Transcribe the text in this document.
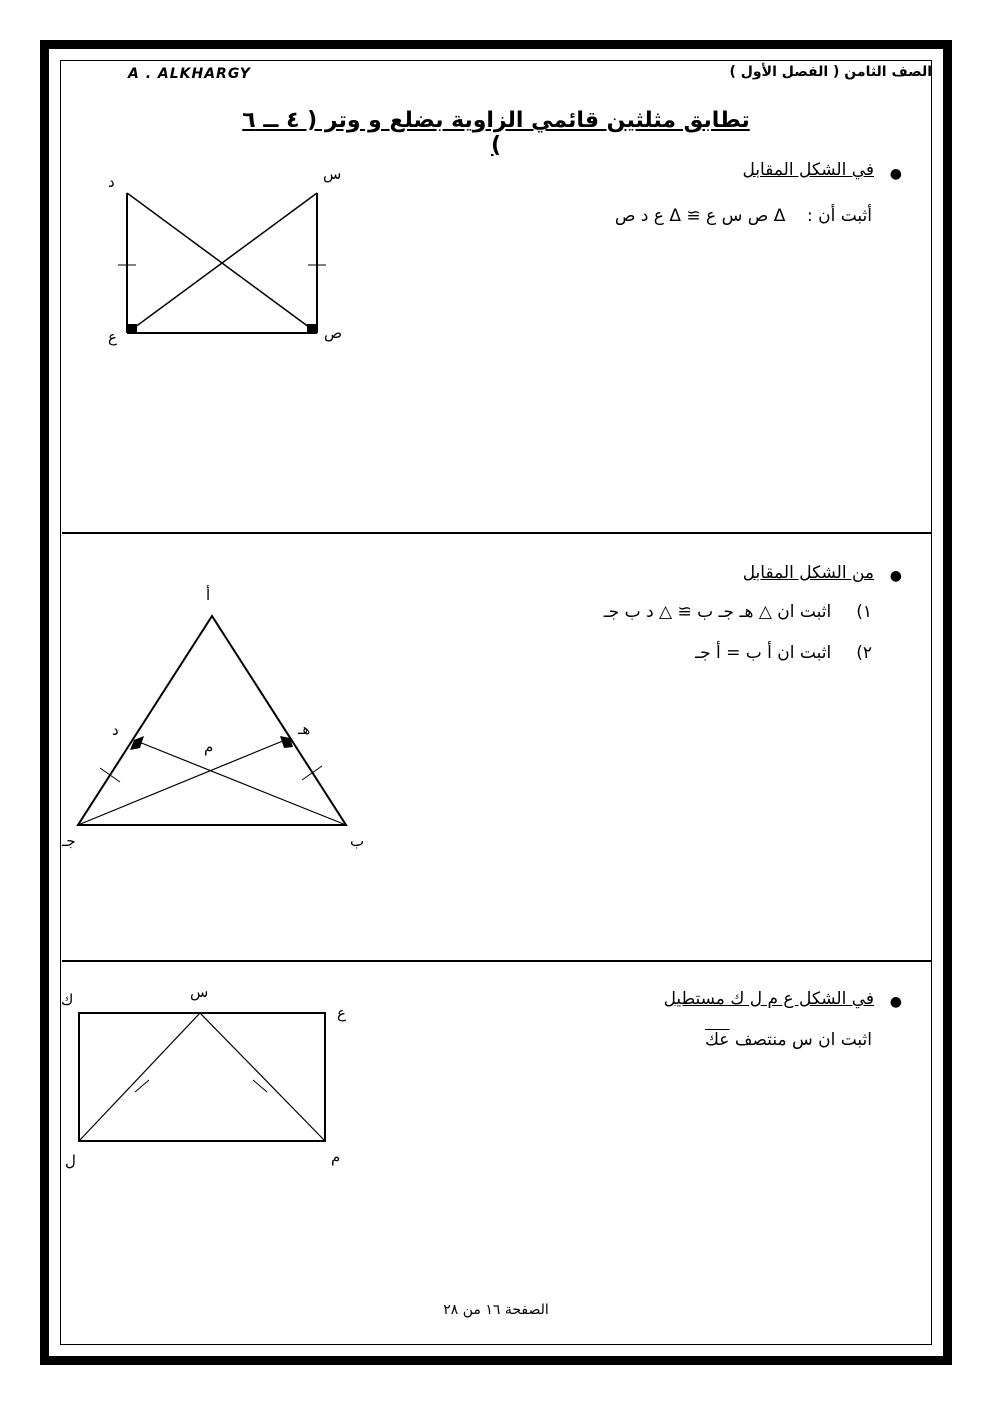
A . ALKHARGY	الصف الثامن ( الفصل الأول )
تطابق مثلثين قائمي الزاوية بضلع و وتر ( ٤ ــ ٦ )
●
في الشكل المقابل
أثبت أن :    Δ ص س ع ≅ Δ ع د ص
د	س
ع	ص
●
من الشكل المقابل
١)  اثبت ان △ هـ جـ ب ≅ △ د ب جـ
٢)  اثبت ان أ ب = أ جـ
أ
د	هـ
م
جـ	ب
●
في الشكل ع م ل ك مستطيل
اثبت ان س منتصف عك
ك	س
ع
ل	م
الصفحة ١٦ من ٢٨
